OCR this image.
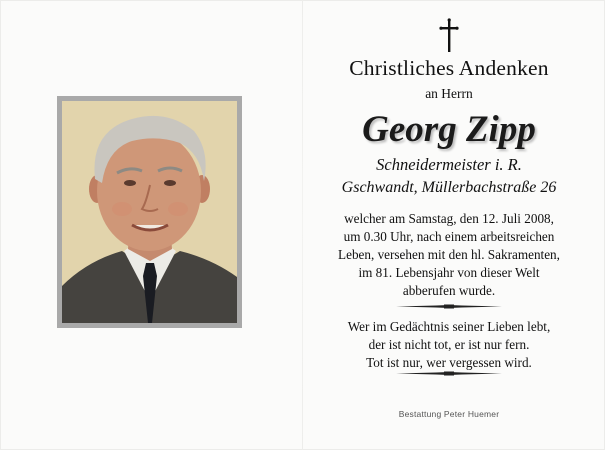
Christliches Andenken
an Herrn
Georg Zipp
Schneidermeister i. R.
Gschwandt, Müllerbachstraße 26
welcher am Samstag, den 12. Juli 2008,
um 0.30 Uhr, nach einem arbeitsreichen
Leben, versehen mit den hl. Sakramenten,
im 81. Lebensjahr von dieser Welt
abberufen wurde.
Wer im Gedächtnis seiner Lieben lebt,
der ist nicht tot, er ist nur fern.
Tot ist nur, wer vergessen wird.
Bestattung Peter Huemer
